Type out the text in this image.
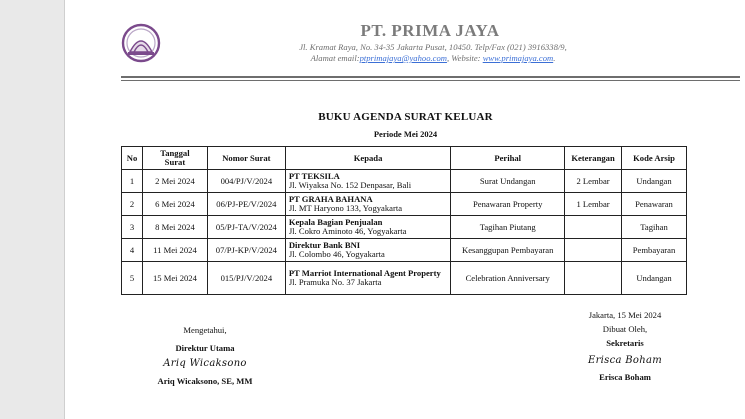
PT. PRIMA JAYA
Jl. Kramat Raya, No. 34-35 Jakarta Pusat, 10450. Telp/Fax (021) 3916338/9,
Alamat email:ptprimajaya@yahoo.com, Website: www.primajaya.com.
BUKU AGENDA SURAT KELUAR
Periode Mei 2024
No	Tanggal Surat	Nomor Surat	Kepada	Perihal	Keterangan	Kode Arsip
1	2 Mei 2024	004/PJ/V/2024	PT TEKSILA
Jl. Wiyaksa No. 152 Denpasar, Bali	Surat Undangan	2 Lembar	Undangan
2	6 Mei 2024	06/PJ-PE/V/2024	PT GRAHA BAHANA
Jl. MT Haryono 133, Yogyakarta	Penawaran Property	1 Lembar	Penawaran
3	8 Mei 2024	05/PJ-TA/V/2024	Kepala Bagian Penjualan
Jl. Cokro Aminoto 46, Yogyakarta	Tagihan Piutang		Tagihan
4	11 Mei 2024	07/PJ-KP/V/2024	Direktur Bank BNI
Jl. Colombo 46, Yogyakarta	Kesanggupan Pembayaran		Pembayaran
5	15 Mei 2024	015/PJ/V/2024	PT Marriot International Agent Property
Jl. Pramuka No. 37 Jakarta	Celebration Anniversary		Undangan
Mengetahui,
Direktur Utama
Ariq Wicaksono
Ariq Wicaksono, SE, MM
Jakarta, 15 Mei 2024
Dibuat Oleh,
Sekretaris
Erisca Boham
Erisca Boham
